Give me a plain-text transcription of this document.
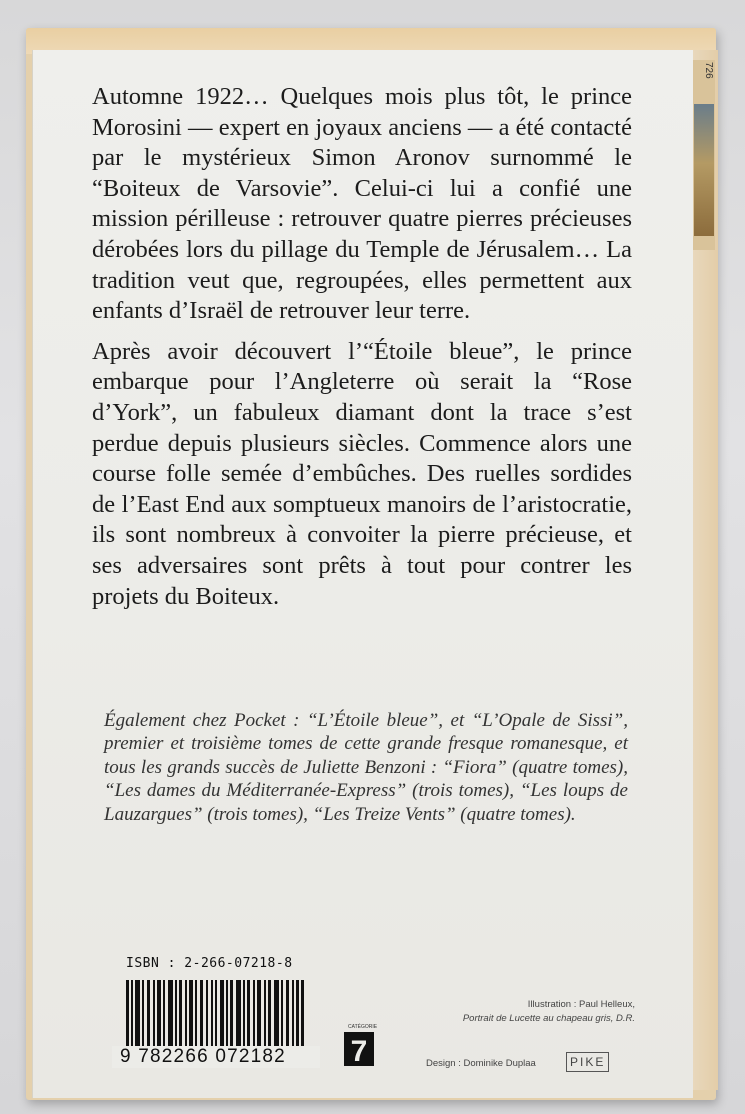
726

Automne 1922… Quelques mois plus tôt, le prince Morosini — expert en joyaux anciens — a été contacté par le mystérieux Simon Aronov surnommé le “Boiteux de Varsovie”. Celui-ci lui a confié une mission périlleuse : retrouver quatre pierres précieuses dérobées lors du pillage du Temple de Jérusalem… La tradition veut que, regroupées, elles permettent aux enfants d’Israël de retrouver leur terre.

Après avoir découvert l’“Étoile bleue”, le prince embarque pour l’Angleterre où serait la “Rose d’York”, un fabuleux diamant dont la trace s’est perdue depuis plusieurs siècles. Commence alors une course folle semée d’embûches. Des ruelles sordides de l’East End aux somptueux manoirs de l’aristocratie, ils sont nombreux à convoiter la pierre précieuse, et ses adversaires sont prêts à tout pour contrer les projets du Boiteux.

Également chez Pocket : “L’Étoile bleue”, et “L’Opale de Sissi”, premier et troisième tomes de cette grande fresque romanesque, et tous les grands succès de Juliette Benzoni : “Fiora” (quatre tomes), “Les dames du Méditerranée-Express” (trois tomes), “Les loups de Lauzargues” (trois tomes), “Les Treize Vents” (quatre tomes).
ISBN : 2-266-07218-8
9 782266 072182
CATÉGORIE
7
Illustration : Paul Helleux,
Portrait de Lucette au chapeau gris, D.R.
Design : Dominike Duplaa	PIKE
